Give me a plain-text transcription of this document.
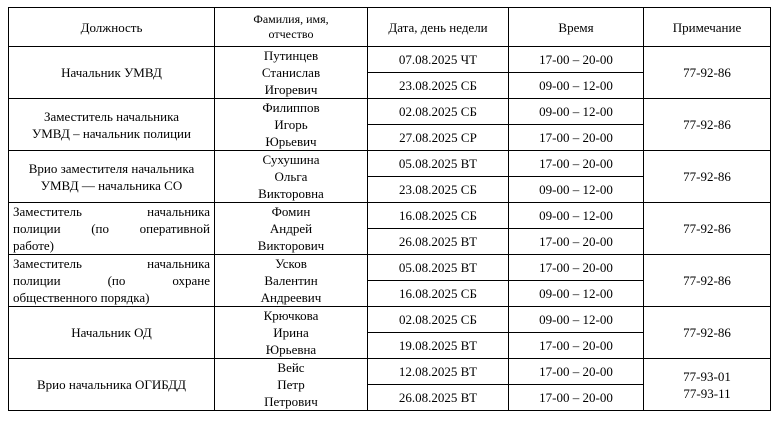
Должность	Фамилия, имя,
отчество	Дата, день недели	Время	Примечание

Начальник УМВД	Путинцев
Станислав
Игоревич	07.08.2025 ЧТ	17-00 – 20-00	77-92-86

		23.08.2025 СБ	09-00 – 12-00	

Заместитель начальника
УМВД – начальник полиции	Филиппов
Игорь
Юрьевич	02.08.2025 СБ	09-00 – 12-00	77-92-86

		27.08.2025 СР	17-00 – 20-00	

Врио заместителя начальника
УМВД — начальника СО	Сухушина
Ольга
Викторовна	05.08.2025 ВТ	17-00 – 20-00	77-92-86

		23.08.2025 СБ	09-00 – 12-00	

Заместитель начальника
полиции (по оперативной
работе)	Фомин
Андрей
Викторович	16.08.2025 СБ	09-00 – 12-00	77-92-86

		26.08.2025 ВТ	17-00 – 20-00	

Заместитель начальника
полиции (по охране
общественного порядка)	Усков
Валентин
Андреевич	05.08.2025 ВТ	17-00 – 20-00	77-92-86

		16.08.2025 СБ	09-00 – 12-00	

Начальник ОД	Крючкова
Ирина
Юрьевна	02.08.2025 СБ	09-00 – 12-00	77-92-86

		19.08.2025 ВТ	17-00 – 20-00	

Врио начальника ОГИБДД	Вейс
Петр
Петрович	12.08.2025 ВТ	17-00 – 20-00	77-93-01
77-93-11

		26.08.2025 ВТ	17-00 – 20-00	
